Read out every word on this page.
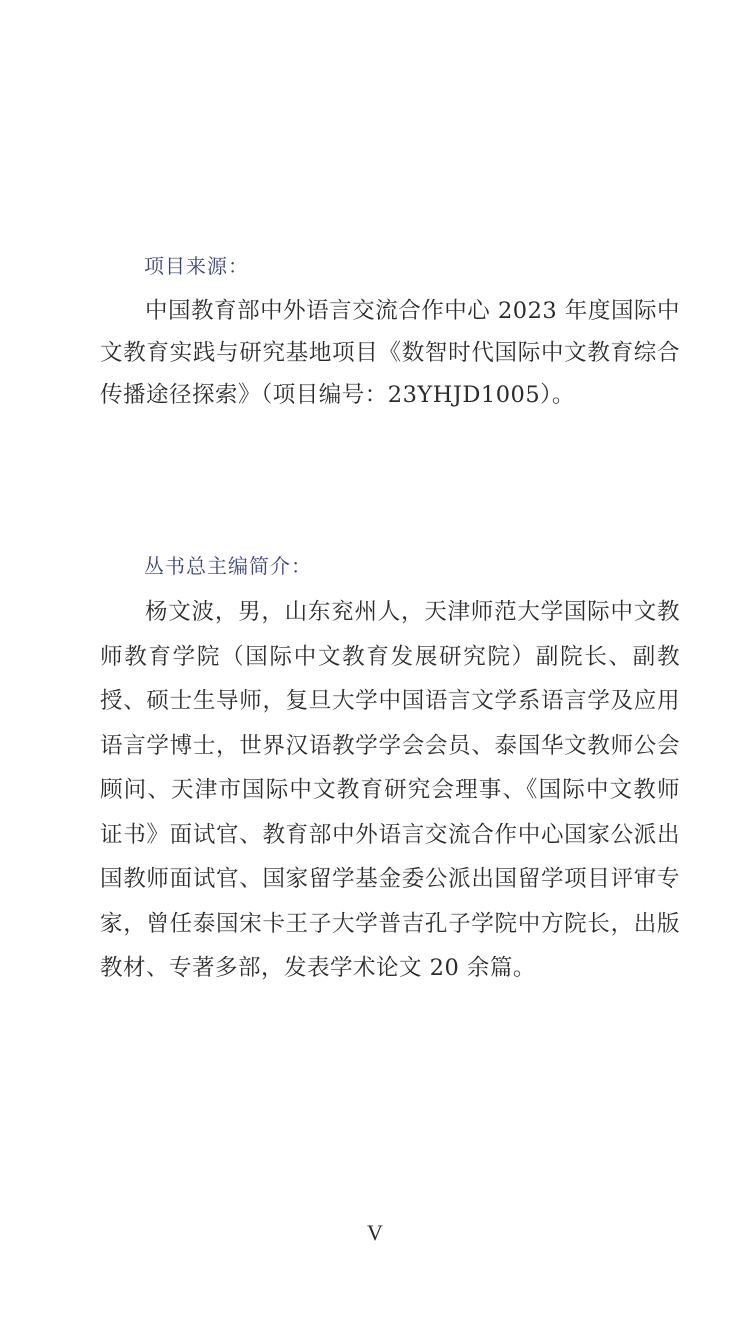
项目来源：

中国教育部中外语言交流合作中心 2023 年度国际中文教育实践与研究基地项目《数智时代国际中文教育综合传播途径探索》（项目编号：23YHJD1005）。

丛书总主编简介：

杨文波，男，山东兖州人，天津师范大学国际中文教师教育学院（国际中文教育发展研究院）副院长、副教授、硕士生导师，复旦大学中国语言文学系语言学及应用语言学博士，世界汉语教学学会会员、泰国华文教师公会顾问、天津市国际中文教育研究会理事、《国际中文教师证书》面试官、教育部中外语言交流合作中心国家公派出国教师面试官、国家留学基金委公派出国留学项目评审专家，曾任泰国宋卡王子大学普吉孔子学院中方院长，出版教材、专著多部，发表学术论文 20 余篇。

V
